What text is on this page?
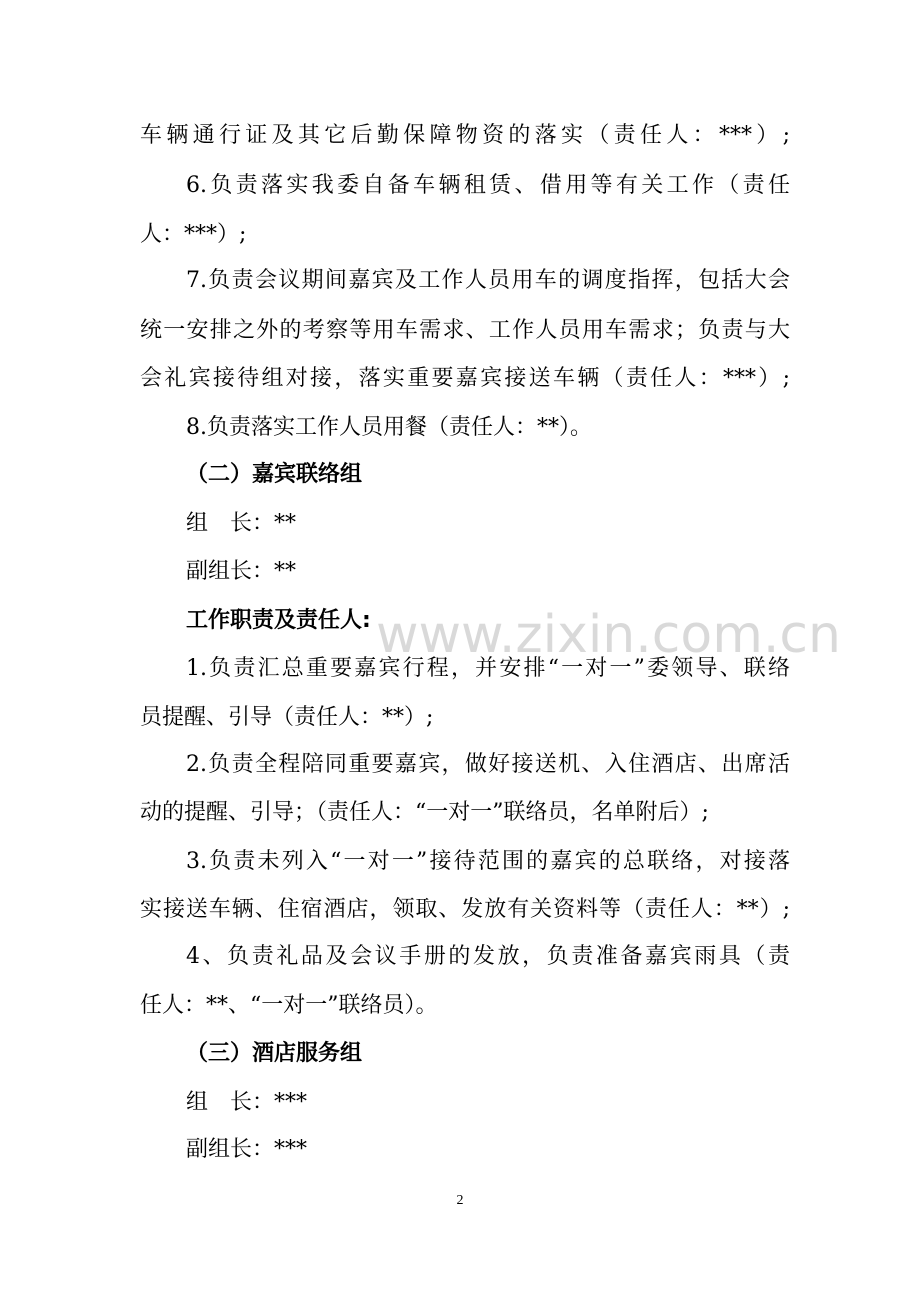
www.zixin.com.cn
车辆通行证及其它后勤保障物资的落实（责任人：***）;
6.负责落实我委自备车辆租赁、借用等有关工作（责任
人：***）;
7.负责会议期间嘉宾及工作人员用车的调度指挥，包括大会
统一安排之外的考察等用车需求、工作人员用车需求；负责与大
会礼宾接待组对接，落实重要嘉宾接送车辆（责任人：***）;
8.负责落实工作人员用餐（责任人：**）。
（二）嘉宾联络组
组　长：**
副组长：**
工作职责及责任人:
1.负责汇总重要嘉宾行程，并安排“一对一”委领导、联络
员提醒、引导（责任人：**）;
2.负责全程陪同重要嘉宾，做好接送机、入住酒店、出席活
动的提醒、引导；（责任人：“一对一”联络员，名单附后）;
3.负责未列入“一对一”接待范围的嘉宾的总联络，对接落
实接送车辆、住宿酒店，领取、发放有关资料等（责任人：**）;
4、负责礼品及会议手册的发放，负责准备嘉宾雨具（责
任人：**、“一对一”联络员）。
（三）酒店服务组
组　长：***
副组长：***
2
